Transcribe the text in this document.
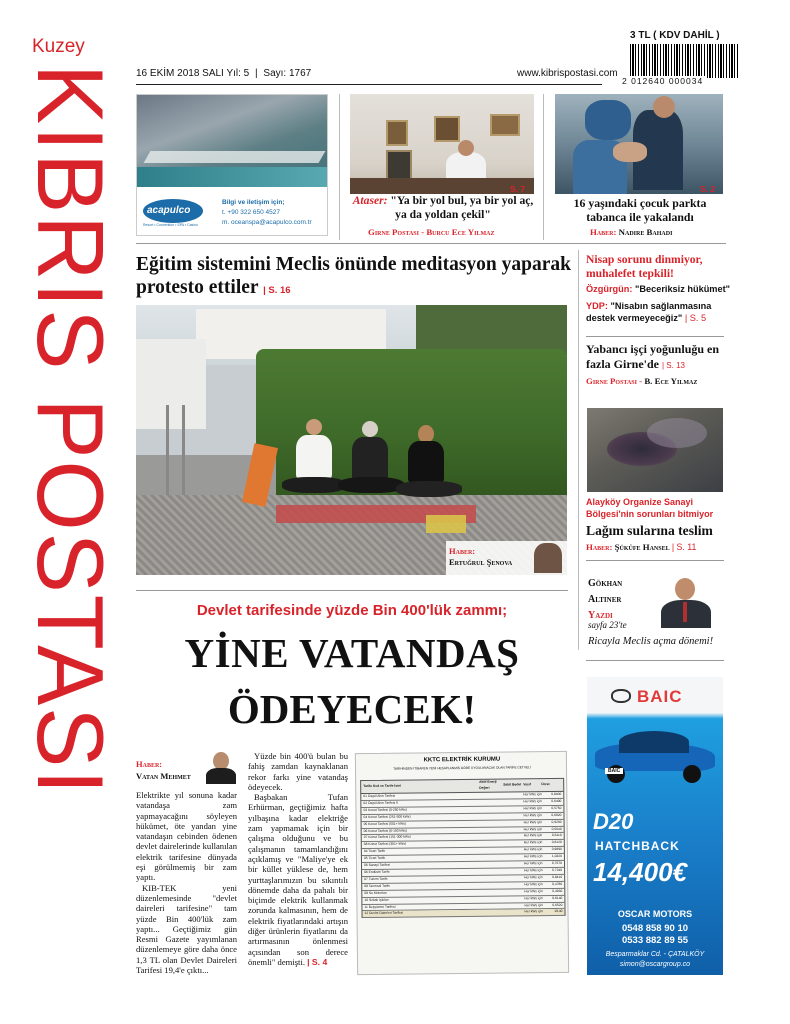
Kuzey
KIBRIS POSTASI 16 EKİM 2018 SALI Yıl: 5 | Sayı: 1767	www.kibrispostasi.com
3 TL ( KDV DAHİL )
2 012640 000034
acapulco
Resort • Convention • SPA • Casino
Bilgi ve iletişim için;
t. +90 322 650 4527
m. oceanspa@acapulco.com.tr
S. 7
Ataser: "Ya bir yol bul, ya bir yol aç, ya da yoldan çekil"
Girne Postası - Burcu Ece Yılmaz
S. 2
16 yaşındaki çocuk parkta tabanca ile yakalandı
Haber: Nadire Bahadı
Eğitim sistemini Meclis önünde meditasyon yaparak protesto ettiler | S. 16
Haber:
Ertuğrul Şenova
Nisap sorunu dinmiyor, muhalefet tepkili!
Özgürgün: "Beceriksiz hükümet"
YDP: "Nisabın sağlanmasına destek vermeyeceğiz" | S. 5
Yabancı işçi yoğunluğu en fazla Girne'de | S. 13
Girne Postası - B. Ece Yılmaz
Alayköy Organize Sanayi Bölgesi'nin sorunları bitmiyor
Lağım sularına teslim
Haber: Şükûfe Hansel | S. 11
Gökhan
Altıner
Yazdı
sayfa 23'te
Ricayla Meclis açma dönemi!
BAIC
BAIC
D20
HATCHBACK
14,400€
OSCAR MOTORS
0548 858 90 10
0533 882 89 55
Besparmaklar Cd. - ÇATALKÖY
simon@oscargroup.co
Devlet tarifesinde yüzde Bin 400'lük zammı;
YİNE VATANDAŞ
ÖDEYECEK!
Haber:
Vatan Mehmet

Elektrikte yıl sonuna kadar vatandaşa zam yapmayacağını söyleyen hükümet, öte yandan yine vatandaşın cebinden ödenen devlet dairelerinde kullanılan elektrik tarifesine dünyada eşi görülmemiş bir zam yaptı.

KIB-TEK yeni düzenlemesinde "devlet daireleri tarifesine" tam yüzde Bin 400'lük zam yaptı... Geçtiğimiz gün Resmi Gazete yayımlanan düzenlemeye göre daha önce 1,3 TL olan Devlet Daireleri Tarifesi 19,4'e çıktı...

Yüzde bin 400'ü bulan bu fahiş zamdan kaynaklanan rekor farkı yine vatandaş ödeyecek.

Başbakan Tufan Erhürman, geçtiğimiz hafta yılbaşına kadar elektriğe zam yapmamak için bir çalışma olduğunu ve bu çalışmanın tamamlandığını açıklamış ve "Maliye'ye ek bir küllet yüklese de, hem yurttaşlarımızın bu sıkıntılı dönemde daha da pahalı bir biçimde elektrik kullanmak zorunda kalmasının, hem de elektrik fiyatlarındaki artışın diğer ürünlerin fiyatlarını da artırmasının önlenmesi açısından son derece önemli" demişti. | S. 4

KKTC ELEKTRİK KURUMU
TARİHİNDEN İTİBAREN YENİ HESAPLANMIŞ GÖRE UYGULANACAK OLAN TARİFE CETVELİ
Tarife Kod ve Tarife İsmi
Aktif Enerji Değeri
Sabit Bedel Vasıf	Ücret
01 Özgül Alım Tarifesi	Her kWs için	0,8400
02 Özgül Alım Tarifesi II	Her kWs için	0,6400
03 Konut Tarifesi (0-250 kWs)	Her kWs için	0,5750
04 Konut Tarifesi (251-500 kWs)	Her kWs için	0,6920
05 Konut Tarifesi (501+ kWs)	Her kWs için	0,9200
06 Konut Tarifesi (0-150 kWs)	Her kWs için	0,5040
07 Konut Tarifesi (151-300 kWs)	Her kWs için	0,6110
08 Konut Tarifesi (301+ kWs)	Her kWs için	0,8120
04 Ticari Tarife	Her kWs için	0,9890
05 Ticari Tarife	Her kWs için	1,0320
06 Sanayi Tarifesi	Her kWs için	0,7670
06 Endüstri Tarife	Her kWs için	0,7240
07 Turizm Tarife	Her kWs için	0,8410
08 Tarımsal Tarife	Her kWs için	0,4780
09 Su Motorları	Her kWs için	0,4930
10 Sokak Işıkları	Her kWs için	0,6140
11 Beşyüzme Tarifesi	Her kWs için	0,6520
12 Devlet Daireleri Tarifesi	Her kWs için	19,40
